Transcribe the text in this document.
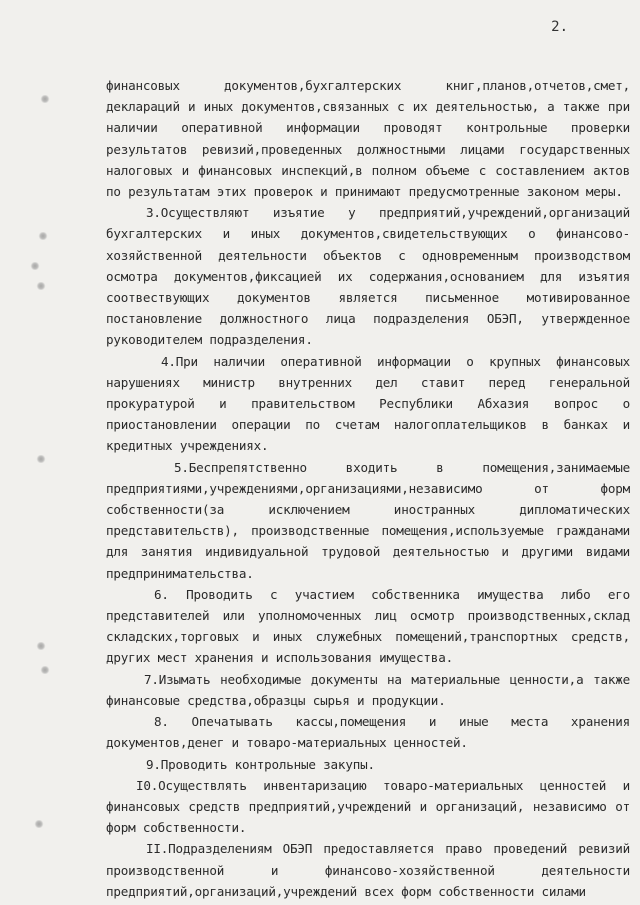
2.

финансовых документов,бухгалтерских книг,планов,отчетов,смет, деклараций и иных документов,связанных с их деятельностью, а также при наличии оперативной информации проводят контрольные проверки результатов ревизий,проведенных должностными лицами государственных налоговых и финансовых инспекций,в полном объеме с составлением актов по результатам этих проверок и принимают предусмотренные законом меры.

3.Осуществляют изъятие у предприятий,учреждений,организаций бухгалтерских и иных документов,свидетельствующих о финансово-хозяйственной деятельности объектов с одновременным производством осмотра документов,фиксацией их содержания,основанием для изъятия соотвествующих документов является письменное мотивированное постановление должностного лица подразделения ОБЭП, утвержденное руководителем подразделения.

4.При наличии оперативной информации о крупных финансовых нарушениях министр внутренних дел ставит перед генеральной прокуратурой и правительством Республики Абхазия вопрос о приостановлении операции по счетам налогоплательщиков в банках и кредитных учреждениях.

5.Беспрепятственно входить в помещения,занимаемые предприятиями,учреждениями,организациями,независимо от форм собственности(за исключением иностранных дипломатических представительств), производственные помещения,используемые гражданами для занятия индивидуальной трудовой деятельностью и другими видами предпринимательства.

6. Проводить с участием собственника имущества либо его представителей или уполномоченных лиц осмотр производственных,склад складских,торговых и иных служебных помещений,транспортных средств, других мест хранения и использования имущества.

7.Изымать необходимые документы на материальные ценности,а также финансовые средства,образцы сырья и продукции.

8. Опечатывать кассы,помещения и иные места хранения документов,денег и товаро-материальных ценностей.

9.Проводить контрольные закупы.

I0.Осуществлять инвентаризацию товаро-материальных ценностей и финансовых средств предприятий,учреждений и организаций, независимо от форм собственности.

II.Подразделениям ОБЭП предоставляется право проведений ревизий производственной и финансово-хозяйственной деятельности предприятий,организаций,учреждений всех форм собственности силами
